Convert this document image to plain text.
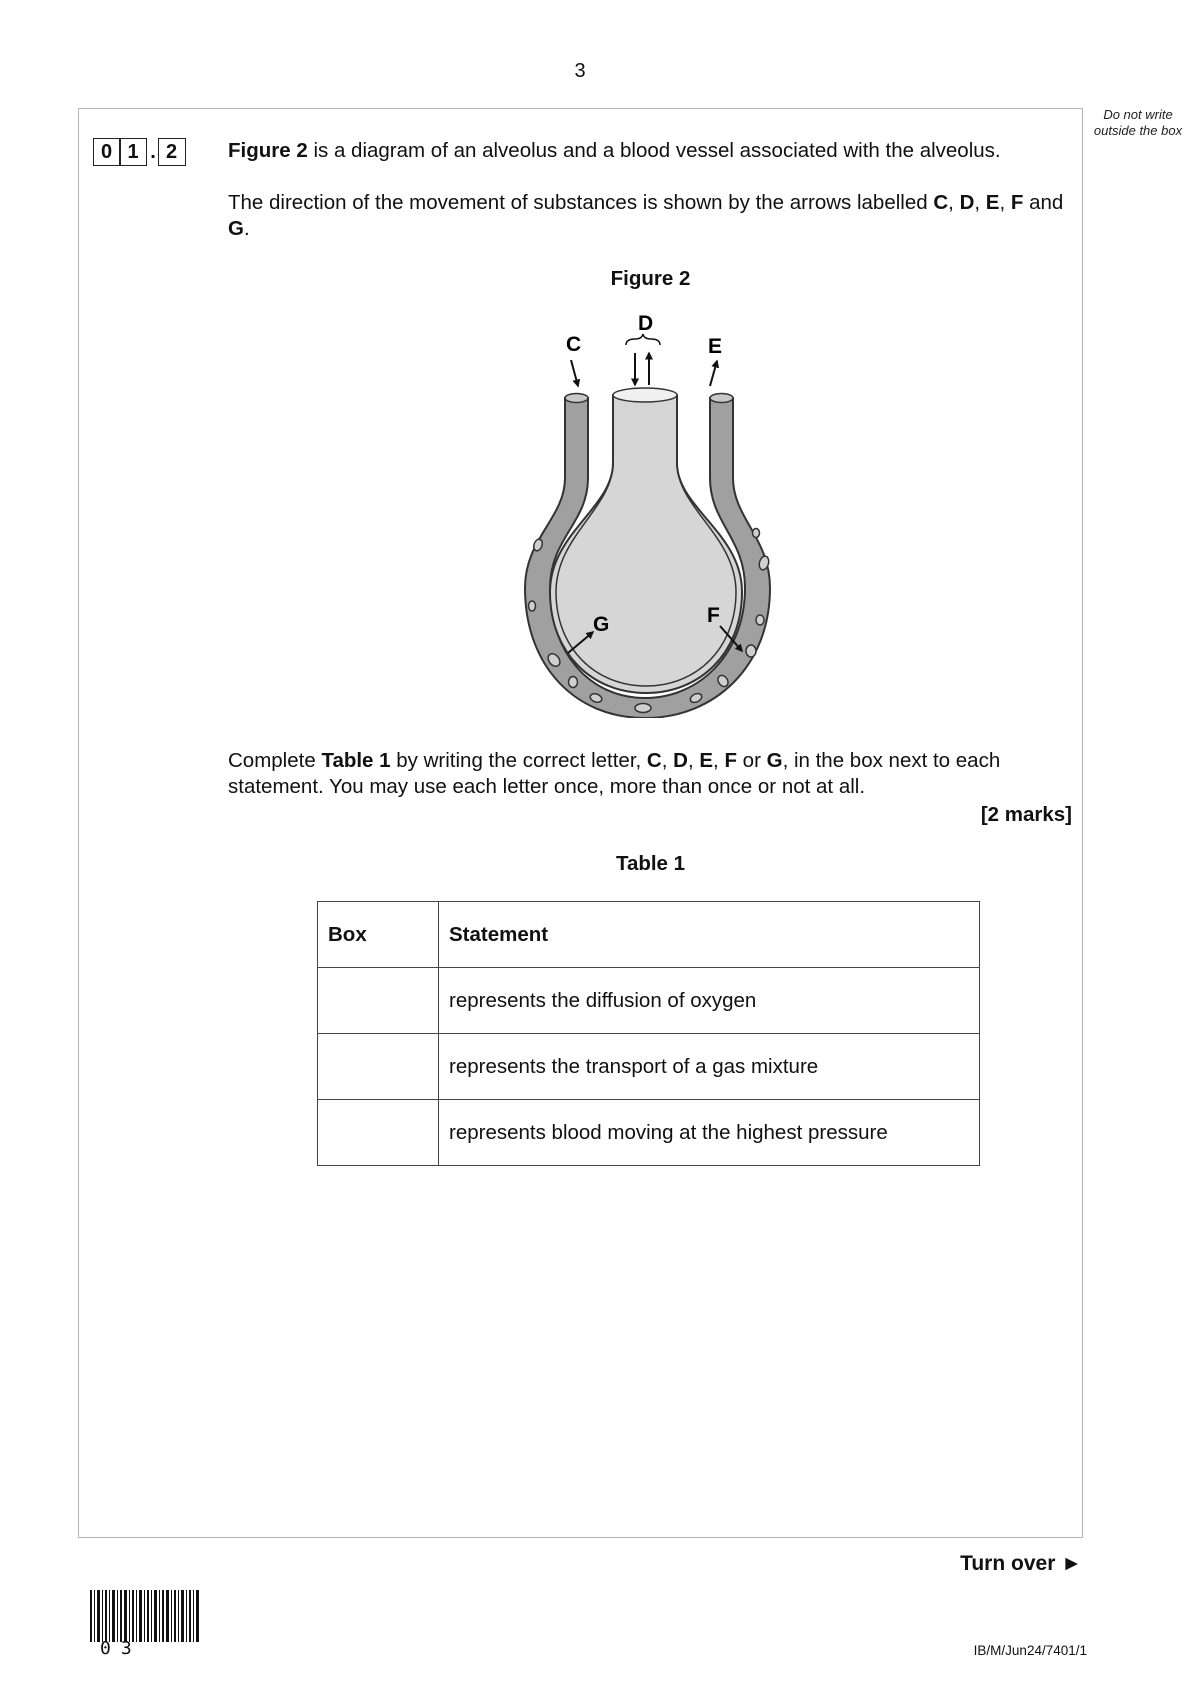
3
Do not write outside the box
0 1 . 2	Figure 2 is a diagram of an alveolus and a blood vessel associated with the alveolus.
The direction of the movement of substances is shown by the arrows labelled C, D, E, F and G.
Figure 2
C
D
E
F
G
Complete Table 1 by writing the correct letter, C, D, E, F or G, in the box next to each statement. You may use each letter once, more than once or not at all.
[2 marks]
Table 1
Box	Statement
	represents the diffusion of oxygen
	represents the transport of a gas mixture
	represents blood moving at the highest pressure
Turn over ►
03	IB/M/Jun24/7401/1
